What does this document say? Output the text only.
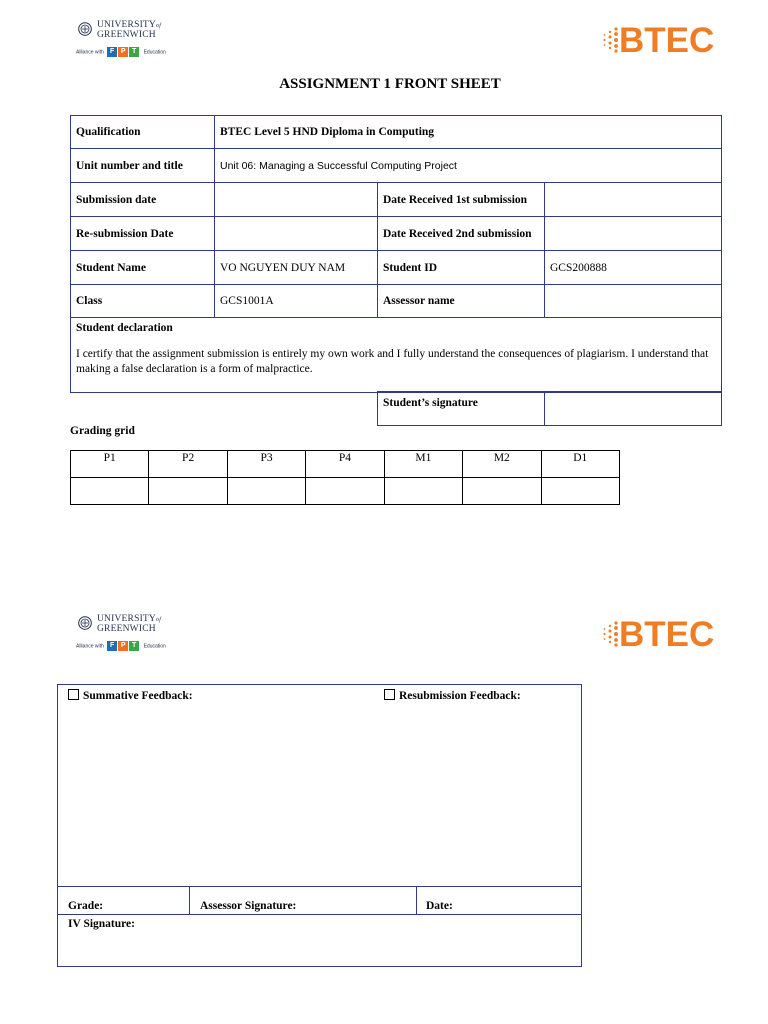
UNIVERSITYof
GREENWICH
Alliance with F P T Education	BTEC
ASSIGNMENT 1 FRONT SHEET
Qualification	BTEC Level 5 HND Diploma in Computing		
Unit number and title	Unit 06: Managing a Successful Computing Project		
Submission date		Date Received 1st submission	
Re-submission Date		Date Received 2nd submission	
Student Name	VO NGUYEN DUY NAM	Student ID	GCS200888
Class	GCS1001A	Assessor name	

Student declaration
I certify that the assignment submission is entirely my own work and I fully understand the consequences of plagiarism. I understand that making a false declaration is a form of malpractice.			
Student’s signature	
Grading grid
P1	P2	P3	P4	M1	M2	D1

UNIVERSITYof
GREENWICH
Alliance with F P T Education	BTEC
Summative Feedback:	Resubmission Feedback:
Grade:	Assessor Signature:	Date:
IV Signature:
